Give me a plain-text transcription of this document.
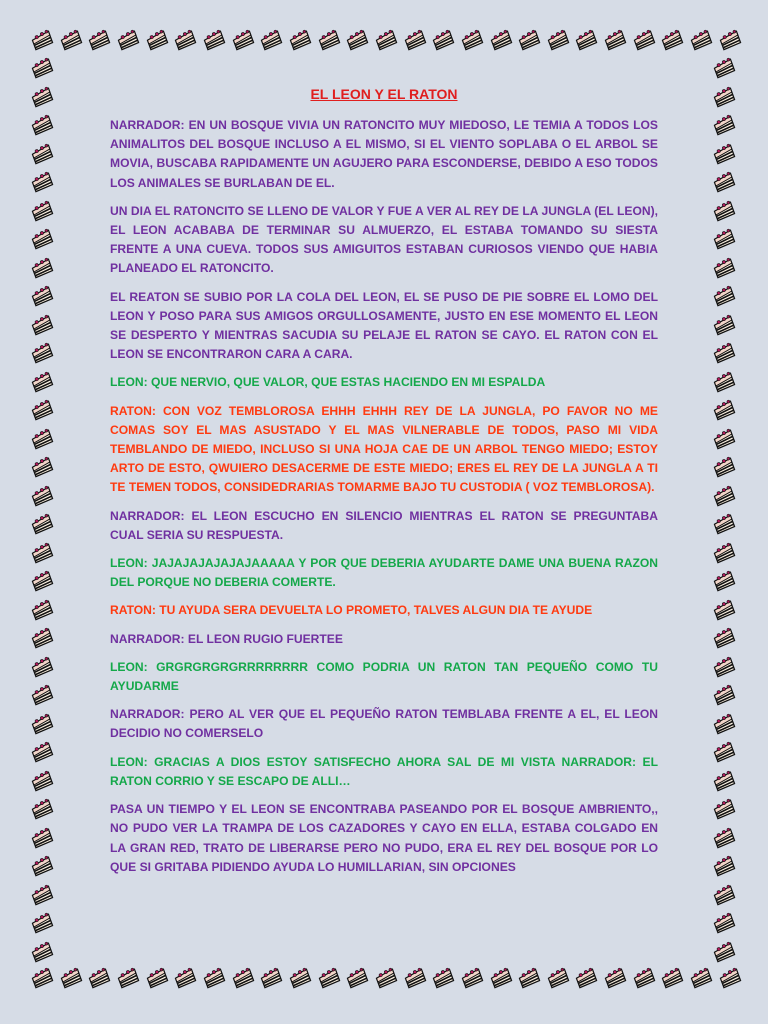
EL LEON Y EL RATON
NARRADOR: EN UN BOSQUE VIVIA UN RATONCITO MUY MIEDOSO, LE TEMIA A TODOS LOS ANIMALITOS DEL BOSQUE INCLUSO A EL MISMO, SI EL VIENTO SOPLABA O EL ARBOL SE MOVIA, BUSCABA RAPIDAMENTE UN AGUJERO PARA ESCONDERSE, DEBIDO A ESO TODOS LOS ANIMALES SE BURLABAN DE EL.
UN DIA EL RATONCITO SE LLENO DE VALOR Y FUE A VER AL REY DE LA JUNGLA (EL LEON), EL LEON ACABABA DE TERMINAR SU ALMUERZO, EL ESTABA TOMANDO SU SIESTA FRENTE A UNA CUEVA. TODOS SUS AMIGUITOS ESTABAN CURIOSOS VIENDO QUE HABIA PLANEADO EL RATONCITO.
EL REATON SE SUBIO POR LA COLA DEL LEON, EL SE PUSO DE PIE SOBRE EL LOMO DEL LEON Y POSO PARA SUS AMIGOS ORGULLOSAMENTE, JUSTO EN ESE MOMENTO EL LEON SE DESPERTO Y MIENTRAS SACUDIA SU PELAJE EL RATON SE CAYO. EL RATON CON EL LEON SE ENCONTRARON CARA A CARA.
LEON: QUE NERVIO, QUE VALOR, QUE ESTAS HACIENDO EN MI ESPALDA
RATON: CON VOZ TEMBLOROSA EHHH EHHH REY DE LA JUNGLA, PO FAVOR NO ME COMAS SOY EL MAS ASUSTADO Y EL MAS VILNERABLE DE TODOS, PASO MI VIDA TEMBLANDO DE MIEDO, INCLUSO SI UNA HOJA CAE DE UN ARBOL TENGO MIEDO; ESTOY ARTO DE ESTO, QWUIERO DESACERME DE ESTE MIEDO; ERES EL REY DE LA JUNGLA A TI TE TEMEN TODOS, CONSIDEDRARIAS TOMARME BAJO TU CUSTODIA ( VOZ TEMBLOROSA).
NARRADOR: EL LEON ESCUCHO EN SILENCIO MIENTRAS EL RATON SE PREGUNTABA CUAL SERIA SU RESPUESTA.
LEON: JAJAJAJAJAJAJAAAAA Y POR QUE DEBERIA AYUDARTE DAME UNA BUENA RAZON DEL PORQUE NO DEBERIA COMERTE.
RATON: TU AYUDA SERA DEVUELTA LO PROMETO, TALVES ALGUN DIA TE AYUDE
NARRADOR: EL LEON RUGIO FUERTEE
LEON: GRGRGRGRGRRRRRRRR COMO PODRIA UN RATON TAN PEQUEÑO COMO TU AYUDARME
NARRADOR: PERO AL VER QUE EL PEQUEÑO RATON TEMBLABA FRENTE A EL, EL LEON DECIDIO NO COMERSELO
LEON: GRACIAS A DIOS ESTOY SATISFECHO AHORA SAL DE MI VISTA NARRADOR: EL RATON CORRIO Y SE ESCAPO DE ALLI…
PASA UN TIEMPO Y EL LEON SE ENCONTRABA PASEANDO POR EL BOSQUE AMBRIENTO,, NO PUDO VER LA TRAMPA DE LOS CAZADORES Y CAYO EN ELLA, ESTABA COLGADO EN LA GRAN RED, TRATO DE LIBERARSE PERO NO PUDO, ERA EL REY DEL BOSQUE POR LO QUE SI GRITABA PIDIENDO AYUDA LO HUMILLARIAN, SIN OPCIONES
